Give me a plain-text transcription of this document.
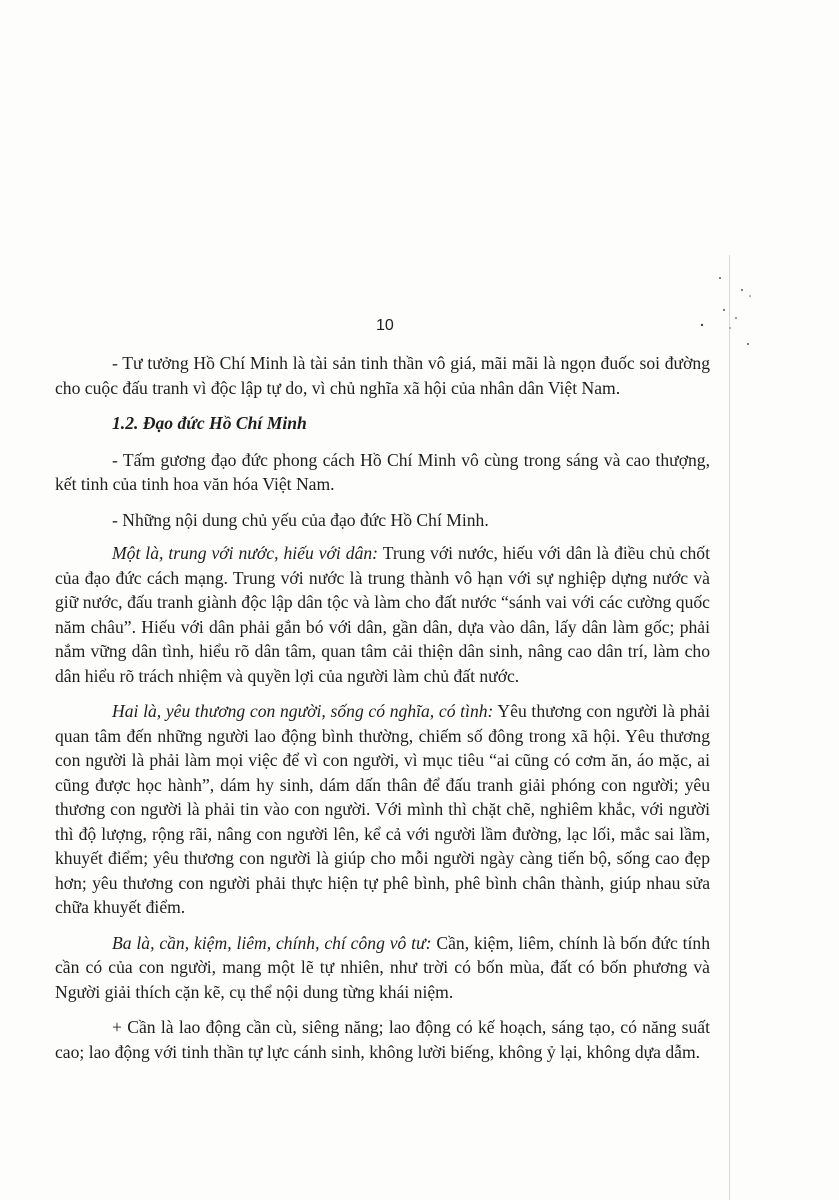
10

- Tư tưởng Hồ Chí Minh là tài sản tinh thần vô giá, mãi mãi là ngọn đuốc soi đường cho cuộc đấu tranh vì độc lập tự do, vì chủ nghĩa xã hội của nhân dân Việt Nam.

1.2. Đạo đức Hồ Chí Minh

- Tấm gương đạo đức phong cách Hồ Chí Minh vô cùng trong sáng và cao thượng, kết tinh của tinh hoa văn hóa Việt Nam.

- Những nội dung chủ yếu của đạo đức Hồ Chí Minh.

Một là, trung với nước, hiếu với dân: Trung với nước, hiếu với dân là điều chủ chốt của đạo đức cách mạng. Trung với nước là trung thành vô hạn với sự nghiệp dựng nước và giữ nước, đấu tranh giành độc lập dân tộc và làm cho đất nước “sánh vai với các cường quốc năm châu”. Hiếu với dân phải gắn bó với dân, gần dân, dựa vào dân, lấy dân làm gốc; phải nắm vững dân tình, hiểu rõ dân tâm, quan tâm cải thiện dân sinh, nâng cao dân trí, làm cho dân hiểu rõ trách nhiệm và quyền lợi của người làm chủ đất nước.

Hai là, yêu thương con người, sống có nghĩa, có tình: Yêu thương con người là phải quan tâm đến những người lao động bình thường, chiếm số đông trong xã hội. Yêu thương con người là phải làm mọi việc để vì con người, vì mục tiêu “ai cũng có cơm ăn, áo mặc, ai cũng được học hành”, dám hy sinh, dám dấn thân để đấu tranh giải phóng con người; yêu thương con người là phải tin vào con người. Với mình thì chặt chẽ, nghiêm khắc, với người thì độ lượng, rộng rãi, nâng con người lên, kể cả với người lầm đường, lạc lối, mắc sai lầm, khuyết điểm; yêu thương con người là giúp cho mỗi người ngày càng tiến bộ, sống cao đẹp hơn; yêu thương con người phải thực hiện tự phê bình, phê bình chân thành, giúp nhau sửa chữa khuyết điểm.

Ba là, cần, kiệm, liêm, chính, chí công vô tư: Cần, kiệm, liêm, chính là bốn đức tính cần có của con người, mang một lẽ tự nhiên, như trời có bốn mùa, đất có bốn phương và Người giải thích cặn kẽ, cụ thể nội dung từng khái niệm.

+ Cần là lao động cần cù, siêng năng; lao động có kế hoạch, sáng tạo, có năng suất cao; lao động với tinh thần tự lực cánh sinh, không lười biếng, không ỷ lại, không dựa dẫm.
